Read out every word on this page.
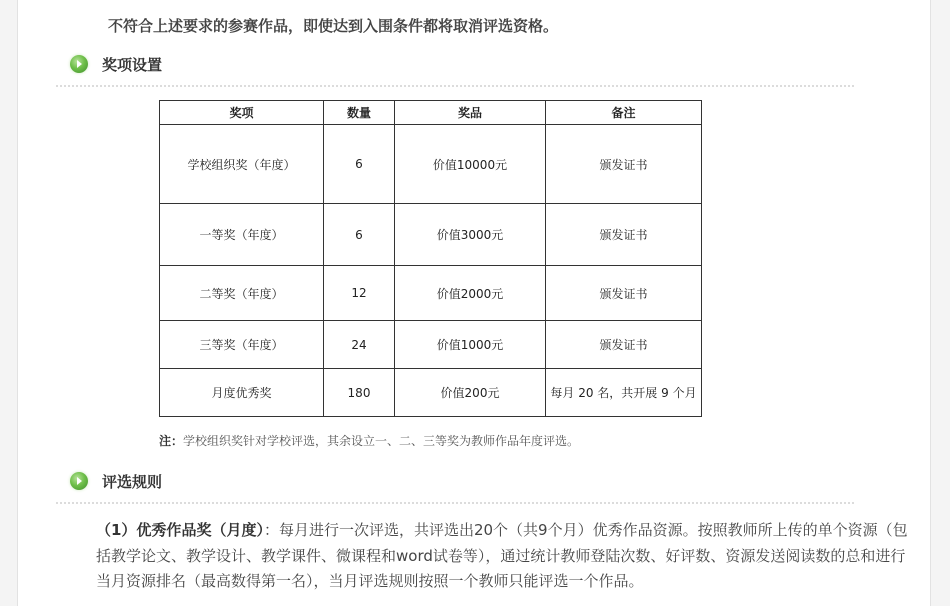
不符合上述要求的参赛作品，即使达到入围条件都将取消评选资格。
奖项设置
奖项	数量	奖品	备注
学校组织奖（年度）	6	价值10000元	颁发证书
一等奖（年度）	6	价值3000元	颁发证书
二等奖（年度）	12	价值2000元	颁发证书
三等奖（年度）	24	价值1000元	颁发证书
月度优秀奖	180	价值200元	每月 20 名，共开展 9 个月
注：学校组织奖针对学校评选，其余设立一、二、三等奖为教师作品年度评选。
评选规则
（1）优秀作品奖（月度）：每月进行一次评选，共评选出20个（共9个月）优秀作品资源。按照教师所上传的单个资源（包括教学论文、教学设计、教学课件、微课程和word试卷等），通过统计教师登陆次数、好评数、资源发送阅读数的总和进行当月资源排名（最高数得第一名），当月评选规则按照一个教师只能评选一个作品。
